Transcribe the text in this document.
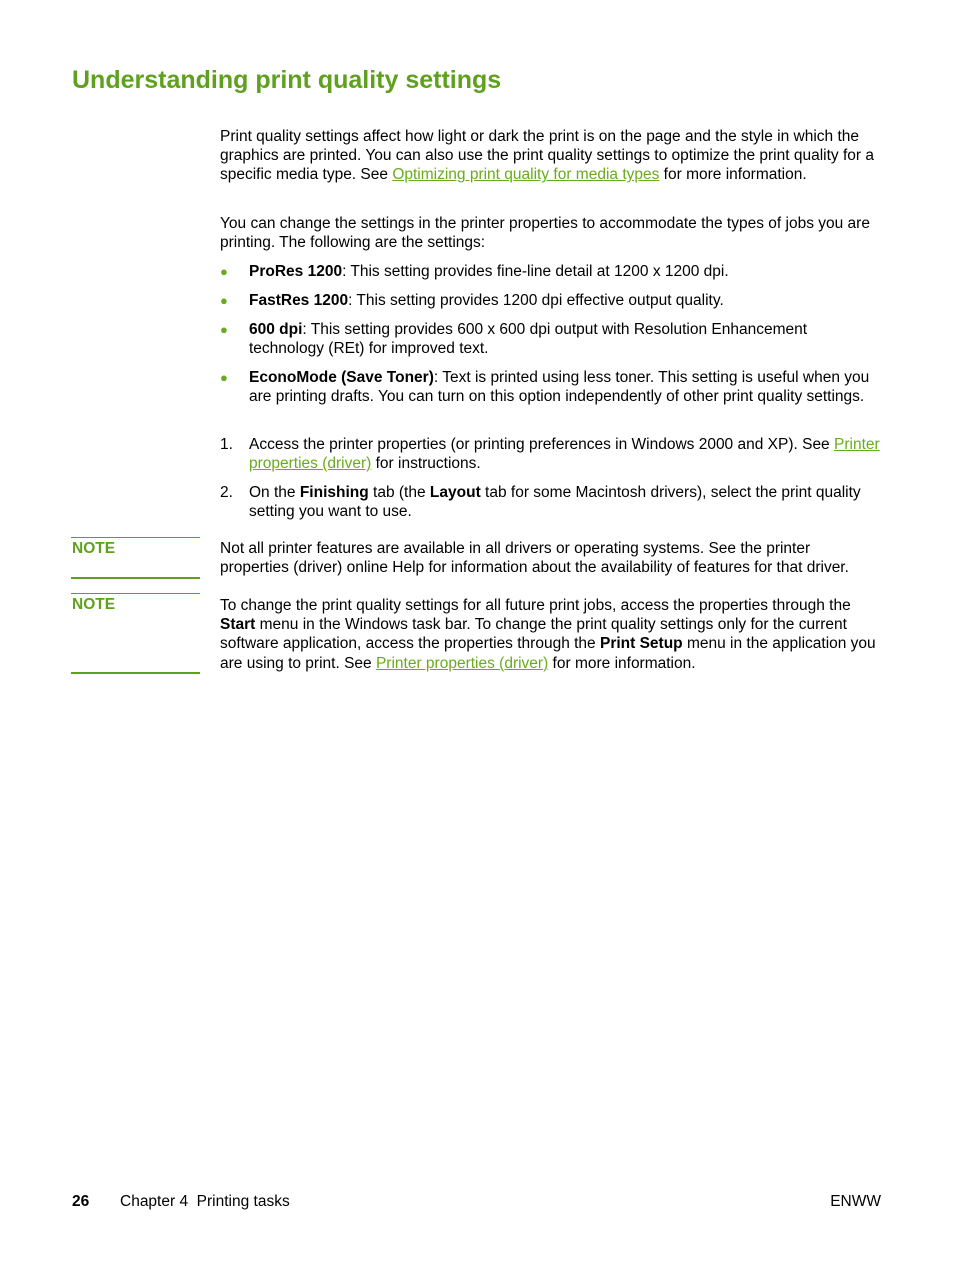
Understanding print quality settings

Print quality settings affect how light or dark the print is on the page and the style in which the graphics are printed. You can also use the print quality settings to optimize the print quality for a specific media type. See Optimizing print quality for media types for more information.

You can change the settings in the printer properties to accommodate the types of jobs you are printing. The following are the settings:

● ProRes 1200: This setting provides fine-line detail at 1200 x 1200 dpi.
● FastRes 1200: This setting provides 1200 dpi effective output quality.
● 600 dpi: This setting provides 600 x 600 dpi output with Resolution Enhancement technology (REt) for improved text.
● EconoMode (Save Toner): Text is printed using less toner. This setting is useful when you are printing drafts. You can turn on this option independently of other print quality settings.
1. Access the printer properties (or printing preferences in Windows 2000 and XP). See Printer properties (driver) for instructions.
2. On the Finishing tab (the Layout tab for some Macintosh drivers), select the print quality setting you want to use.
NOTE	Not all printer features are available in all drivers or operating systems. See the printer properties (driver) online Help for information about the availability of features for that driver.

NOTE	To change the print quality settings for all future print jobs, access the properties through the Start menu in the Windows task bar. To change the print quality settings only for the current software application, access the properties through the Print Setup menu in the application you are using to print. See Printer properties (driver) for more information.

26 Chapter 4  Printing tasks	ENWW
